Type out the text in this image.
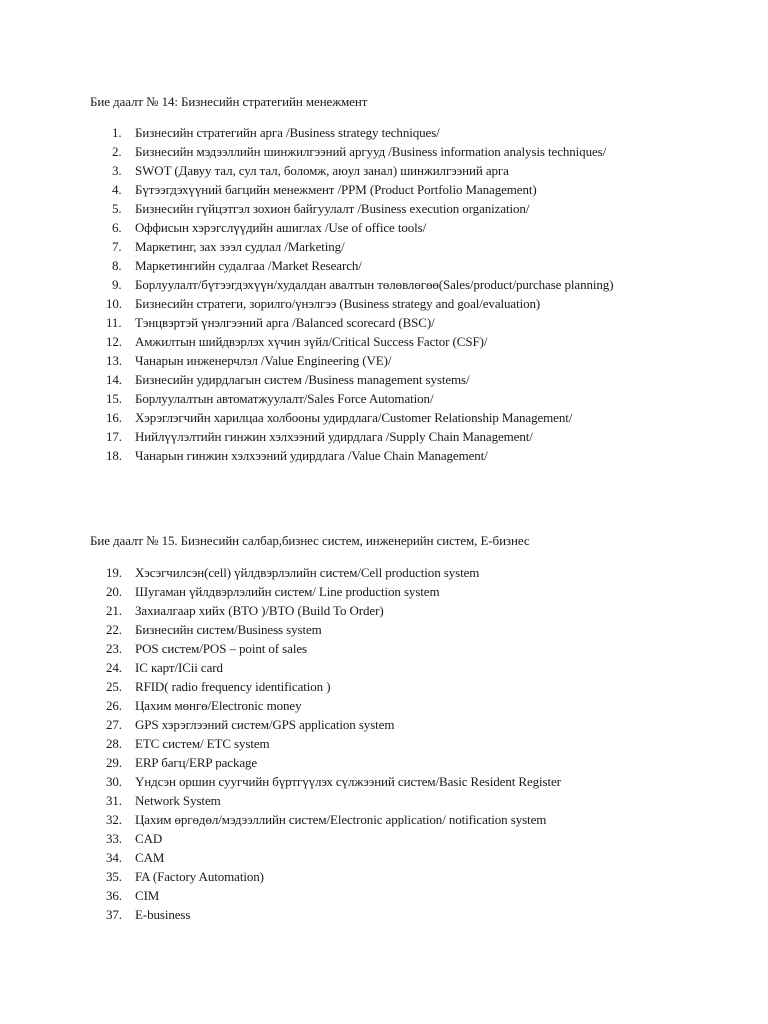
Бие даалт № 14: Бизнесийн стратегийн менежмент
1.	Бизнесийн стратегийн арга /Business strategy techniques/
2.	Бизнесийн мэдээллийн шинжилгээний аргууд /Business information analysis techniques/
3.	SWOT (Давуу тал, сул тал, боломж, аюул занал) шинжилгээний арга
4.	Бүтээгдэхүүний багцийн менежмент /PPM (Product Portfolio Management)
5.	Бизнесийн гүйцэтгэл зохион байгуулалт /Business execution organization/
6.	Оффисын хэрэгслүүдийн ашиглах /Use of office tools/
7.	Маркетинг, зах зээл судлал /Marketing/
8.	Маркетингийн судалгаа /Market Research/
9.	Борлуулалт/бүтээгдэхүүн/худалдан авалтын төлөвлөгөө(Sales/product/purchase planning)
10.	Бизнесийн стратеги, зорилго/үнэлгээ (Business strategy and goal/evaluation)
11.	Тэнцвэртэй үнэлгээний арга /Balanced scorecard (BSC)/
12.	Амжилтын шийдвэрлэх хүчин зүйл/Critical Success Factor (CSF)/
13.	Чанарын инженерчлэл /Value Engineering (VE)/
14.	Бизнесийн удирдлагын систем /Business management systems/
15.	Борлуулалтын автоматжуулалт/Sales Force Automation/
16.	Хэрэглэгчийн харилцаа холбооны удирдлага/Customer Relationship Management/
17.	Нийлүүлэлтийн гинжин хэлхээний удирдлага /Supply Chain Management/
18.	Чанарын гинжин хэлхээний удирдлага /Value Chain Management/
Бие даалт № 15. Бизнесийн салбар,бизнес систем, инженерийн систем, E-бизнес
19.	Хэсэгчилсэн(cell) үйлдвэрлэлийн систем/Cell production system
20.	Шугаман үйлдвэрлэлийн систем/ Line production system
21.	Захиалгаар хийх (BTO )/BTO (Build To Order)
22.	Бизнесийн систем/Business system
23.	POS систем/POS – point of sales
24.	IC карт/ICii card
25.	RFID( radio frequency identification )
26.	Цахим мөнгө/Electronic money
27.	GPS хэрэглээний систем/GPS application system
28.	ETC систем/ ETC system
29.	ERP багц/ERP package
30.	Үндсэн оршин суугчийн бүртгүүлэх сүлжээний систем/Basic Resident Register
31.	Network System
32.	Цахим өргөдөл/мэдээллийн систем/Electronic application/ notification system
33.	CAD
34.	CAM
35.	FA (Factory Automation)
36.	CIM
37.	E-business
